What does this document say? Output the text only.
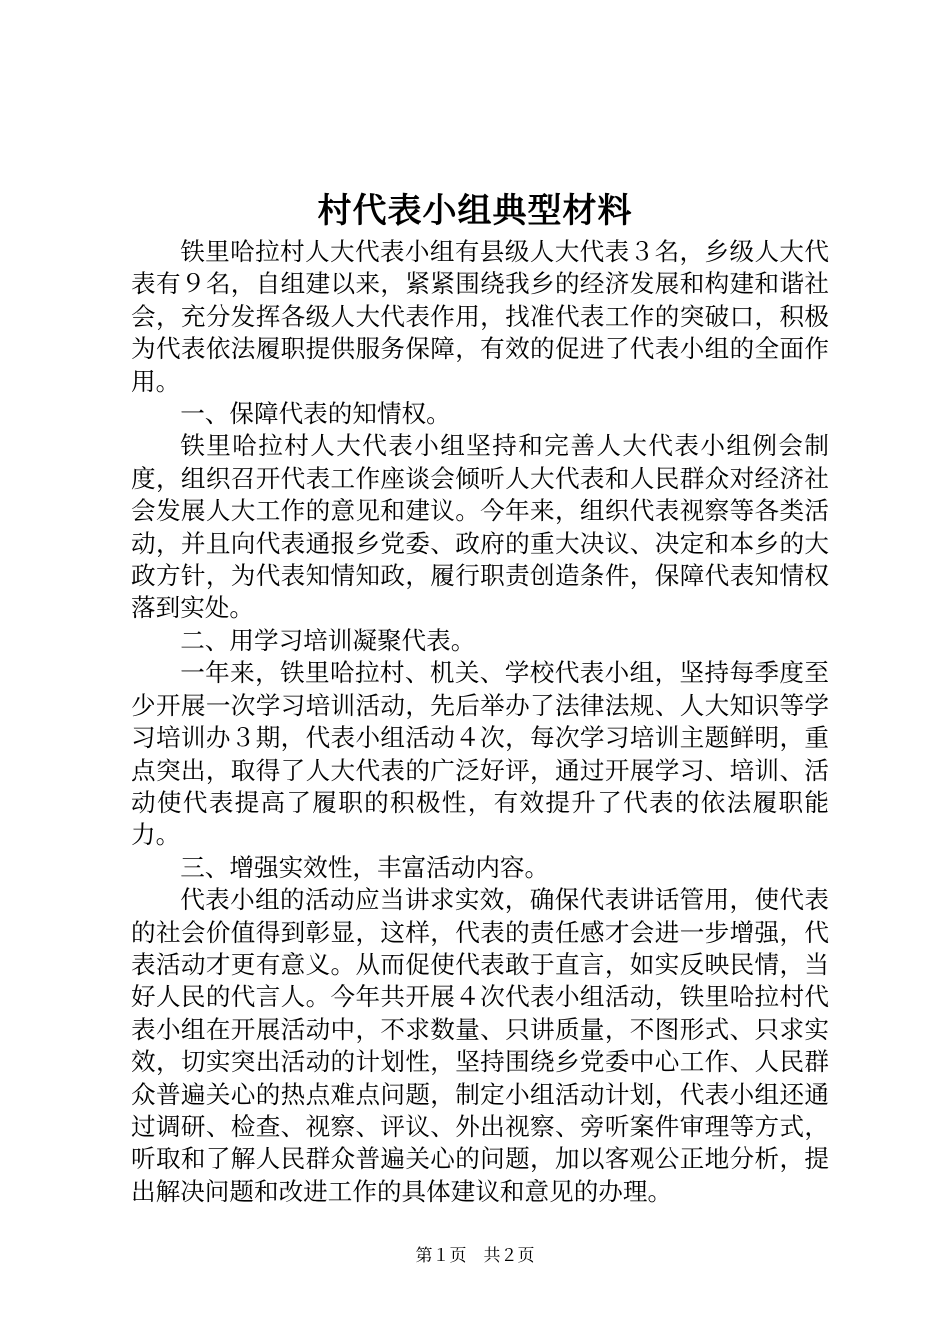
村代表小组典型材料

铁里哈拉村人大代表小组有县级人大代表３名，乡级人大代表有９名，自组建以来，紧紧围绕我乡的经济发展和构建和谐社会，充分发挥各级人大代表作用，找准代表工作的突破口，积极为代表依法履职提供服务保障，有效的促进了代表小组的全面作用。

一、保障代表的知情权。

铁里哈拉村人大代表小组坚持和完善人大代表小组例会制度，组织召开代表工作座谈会倾听人大代表和人民群众对经济社会发展人大工作的意见和建议。今年来，组织代表视察等各类活动，并且向代表通报乡党委、政府的重大决议、决定和本乡的大政方针，为代表知情知政，履行职责创造条件，保障代表知情权落到实处。

二、用学习培训凝聚代表。

一年来，铁里哈拉村、机关、学校代表小组，坚持每季度至少开展一次学习培训活动，先后举办了法律法规、人大知识等学习培训办３期，代表小组活动４次，每次学习培训主题鲜明，重点突出，取得了人大代表的广泛好评，通过开展学习、培训、活动使代表提高了履职的积极性，有效提升了代表的依法履职能力。

三、增强实效性，丰富活动内容。

代表小组的活动应当讲求实效，确保代表讲话管用，使代表的社会价值得到彰显，这样，代表的责任感才会进一步增强，代表活动才更有意义。从而促使代表敢于直言，如实反映民情，当好人民的代言人。今年共开展４次代表小组活动，铁里哈拉村代表小组在开展活动中，不求数量、只讲质量，不图形式、只求实效，切实突出活动的计划性，坚持围绕乡党委中心工作、人民群众普遍关心的热点难点问题，制定小组活动计划，代表小组还通过调研、检查、视察、评议、外出视察、旁听案件审理等方式，听取和了解人民群众普遍关心的问题，加以客观公正地分析，提出解决问题和改进工作的具体建议和意见的办理。

第１页　共２页
